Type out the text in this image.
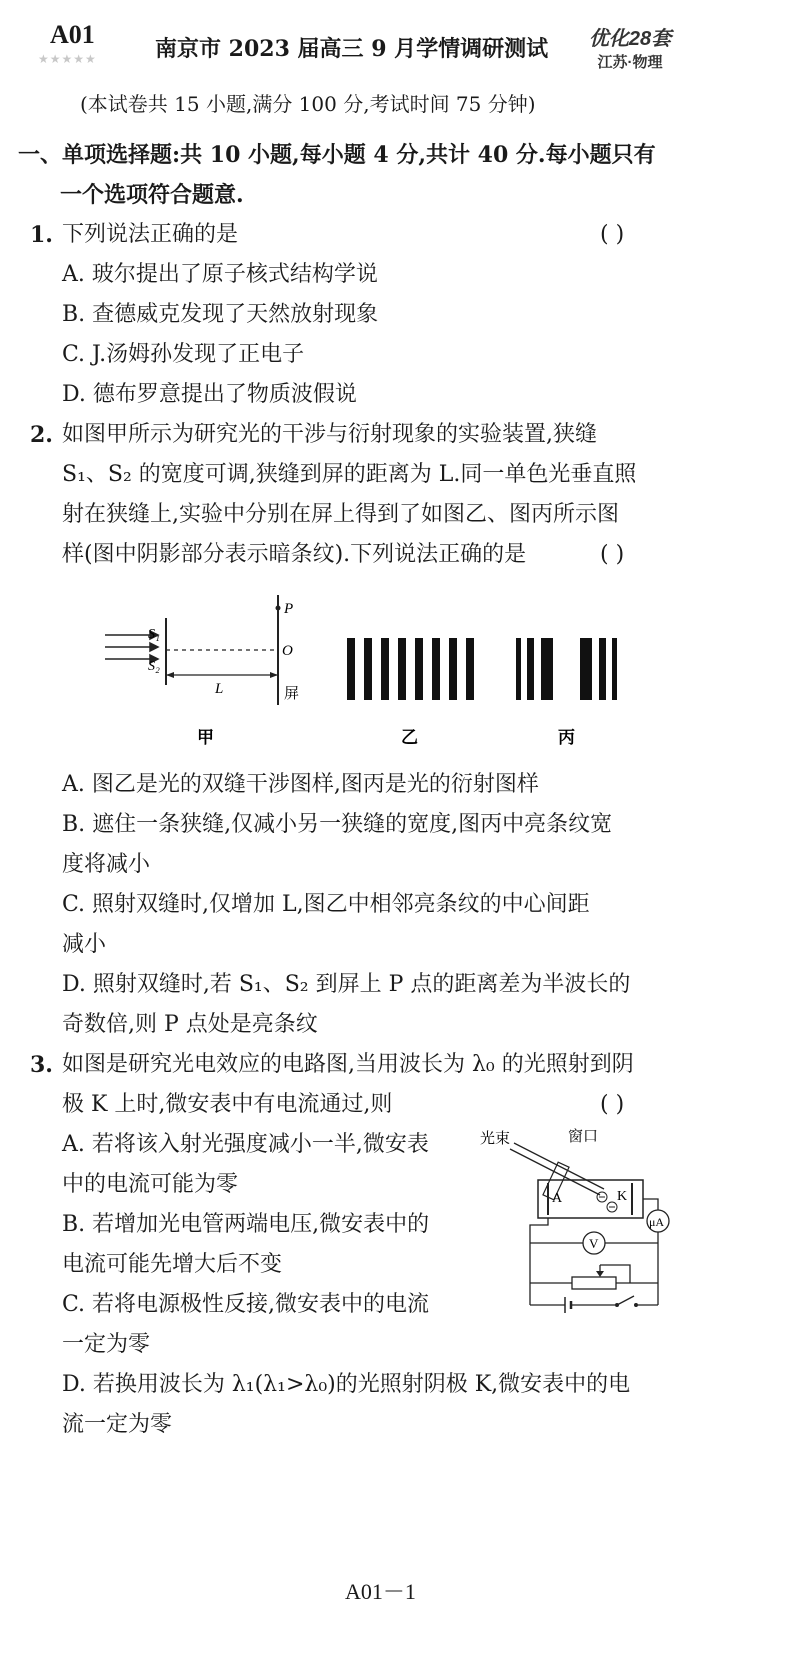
A01
★★★★★	南京市 2023 届高三 9 月学情调研测试	优化28套
江苏·物理
(本试卷共 15 小题,满分 100 分,考试时间 75 分钟)
一、单项选择题:共 10 小题,每小题 4 分,共计 40 分.每小题只有
一个选项符合题意.
1. 下列说法正确的是	( )
A. 玻尔提出了原子核式结构学说
B. 查德威克发现了天然放射现象
C. J.汤姆孙发现了正电子
D. 德布罗意提出了物质波假说
2. 如图甲所示为研究光的干涉与衍射现象的实验装置,狭缝
S₁、S₂ 的宽度可调,狭缝到屏的距离为 L.同一单色光垂直照
射在狭缝上,实验中分别在屏上得到了如图乙、图丙所示图
样(图中阴影部分表示暗条纹).下列说法正确的是	( )
S₁
S₂
P
O
L	屏
甲	乙	丙
A. 图乙是光的双缝干涉图样,图丙是光的衍射图样
B. 遮住一条狭缝,仅减小另一狭缝的宽度,图丙中亮条纹宽
度将减小
C. 照射双缝时,仅增加 L,图乙中相邻亮条纹的中心间距
减小
D. 照射双缝时,若 S₁、S₂ 到屏上 P 点的距离差为半波长的
奇数倍,则 P 点处是亮条纹
3. 如图是研究光电效应的电路图,当用波长为 λ₀ 的光照射到阴
极 K 上时,微安表中有电流通过,则	( )
A. 若将该入射光强度减小一半,微安表
中的电流可能为零
B. 若增加光电管两端电压,微安表中的
电流可能先增大后不变
C. 若将电源极性反接,微安表中的电流
一定为零
D. 若换用波长为 λ₁(λ₁>λ₀)的光照射阴极 K,微安表中的电
流一定为零
光束	窗口
A	K
μA
V
A01－1
